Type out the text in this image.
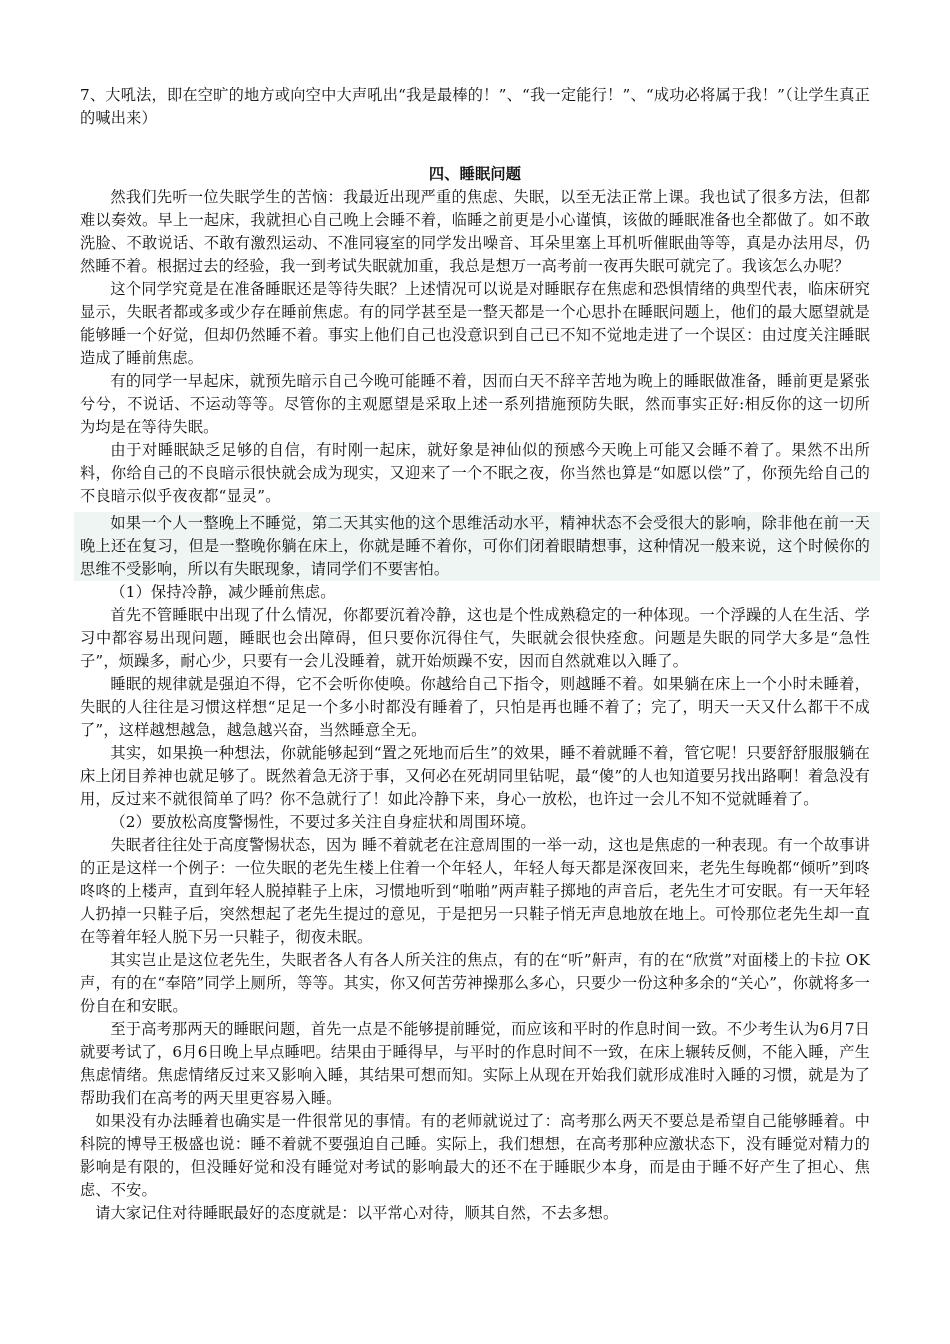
7、大吼法，即在空旷的地方或向空中大声吼出“我是最棒的！”、“我一定能行！”、“成功必将属于我！”（让学生真正的喊出来）

四、睡眠问题

然我们先听一位失眠学生的苦恼：我最近出现严重的焦虑、失眠，以至无法正常上课。我也试了很多方法，但都难以奏效。早上一起床，我就担心自己晚上会睡不着，临睡之前更是小心谨慎，该做的睡眠准备也全都做了。如不敢洗脸、不敢说话、不敢有激烈运动、不准同寝室的同学发出噪音、耳朵里塞上耳机听催眠曲等等，真是办法用尽，仍然睡不着。根据过去的经验，我一到考试失眠就加重，我总是想万一高考前一夜再失眠可就完了。我该怎么办呢？

这个同学究竟是在准备睡眠还是等待失眠？上述情况可以说是对睡眠存在焦虑和恐惧情绪的典型代表，临床研究显示，失眠者都或多或少存在睡前焦虑。有的同学甚至是一整天都是一个心思扑在睡眠问题上，他们的最大愿望就是能够睡一个好觉，但却仍然睡不着。事实上他们自己也没意识到自己已不知不觉地走进了一个误区：由过度关注睡眠造成了睡前焦虑。

有的同学一早起床，就预先暗示自己今晚可能睡不着，因而白天不辞辛苦地为晚上的睡眠做准备，睡前更是紧张兮兮，不说话、不运动等等。尽管你的主观愿望是采取上述一系列措施预防失眠，然而事实正好:相反你的这一切所为均是在等待失眠。

由于对睡眠缺乏足够的自信，有时刚一起床，就好象是神仙似的预感今天晚上可能又会睡不着了。果然不出所料，你给自己的不良暗示很快就会成为现实，又迎来了一个不眠之夜，你当然也算是“如愿以偿”了，你预先给自己的不良暗示似乎夜夜都“显灵”。

如果一个人一整晚上不睡觉，第二天其实他的这个思维活动水平，精神状态不会受很大的影响，除非他在前一天晚上还在复习，但是一整晚你躺在床上，你就是睡不着你，可你们闭着眼睛想事，这种情况一般来说，这个时候你的思维不受影响，所以有失眠现象，请同学们不要害怕。

（1）保持冷静，减少睡前焦虑。

首先不管睡眠中出现了什么情况，你都要沉着冷静，这也是个性成熟稳定的一种体现。一个浮躁的人在生活、学习中都容易出现问题，睡眠也会出障碍，但只要你沉得住气，失眠就会很快痊愈。问题是失眠的同学大多是“急性子”，烦躁多，耐心少，只要有一会儿没睡着，就开始烦躁不安，因而自然就难以入睡了。

睡眠的规律就是强迫不得，它不会听你使唤。你越给自己下指令，则越睡不着。如果躺在床上一个小时未睡着，失眠的人往往是习惯这样想“足足一个多小时都没有睡着了，只怕是再也睡不着了；完了，明天一天又什么都干不成了”，这样越想越急，越急越兴奋，当然睡意全无。

其实，如果换一种想法，你就能够起到“置之死地而后生”的效果，睡不着就睡不着，管它呢！只要舒舒服服躺在床上闭目养神也就足够了。既然着急无济于事，又何必在死胡同里钻呢，最“傻”的人也知道要另找出路啊！着急没有用，反过来不就很简单了吗？你不急就行了！如此冷静下来，身心一放松，也许过一会儿不知不觉就睡着了。

（2）要放松高度警惕性，不要过多关注自身症状和周围环境。

失眠者往往处于高度警惕状态，因为 睡不着就老在注意周围的一举一动，这也是焦虑的一种表现。有一个故事讲的正是这样一个例子：一位失眠的老先生楼上住着一个年轻人，年轻人每天都是深夜回来，老先生每晚都“倾听”到咚咚咚的上楼声，直到年轻人脱掉鞋子上床，习惯地听到“啪啪”两声鞋子掷地的声音后，老先生才可安眠。有一天年轻人扔掉一只鞋子后，突然想起了老先生提过的意见，于是把另一只鞋子悄无声息地放在地上。可怜那位老先生却一直在等着年轻人脱下另一只鞋子，彻夜未眠。

其实岂止是这位老先生，失眠者各人有各人所关注的焦点，有的在“听”鼾声，有的在“欣赏”对面楼上的卡拉 OK 声，有的在“奉陪”同学上厕所，等等。其实，你又何苦劳神操那么多心，只要少一份这种多余的“关心”，你就将多一份自在和安眠。

至于高考那两天的睡眠问题，首先一点是不能够提前睡觉，而应该和平时的作息时间一致。不少考生认为6月7日就要考试了，6月6日晚上早点睡吧。结果由于睡得早，与平时的作息时间不一致，在床上辗转反侧，不能入睡，产生焦虑情绪。焦虑情绪反过来又影响入睡，其结果可想而知。实际上从现在开始我们就形成准时入睡的习惯，就是为了帮助我们在高考的两天里更容易入睡。

如果没有办法睡着也确实是一件很常见的事情。有的老师就说过了：高考那么两天不要总是希望自己能够睡着。中科院的博导王极盛也说：睡不着就不要强迫自己睡。实际上，我们想想，在高考那种应激状态下，没有睡觉对精力的影响是有限的，但没睡好觉和没有睡觉对考试的影响最大的还不在于睡眠少本身，而是由于睡不好产生了担心、焦虑、不安。

请大家记住对待睡眠最好的态度就是：以平常心对待，顺其自然，不去多想。
